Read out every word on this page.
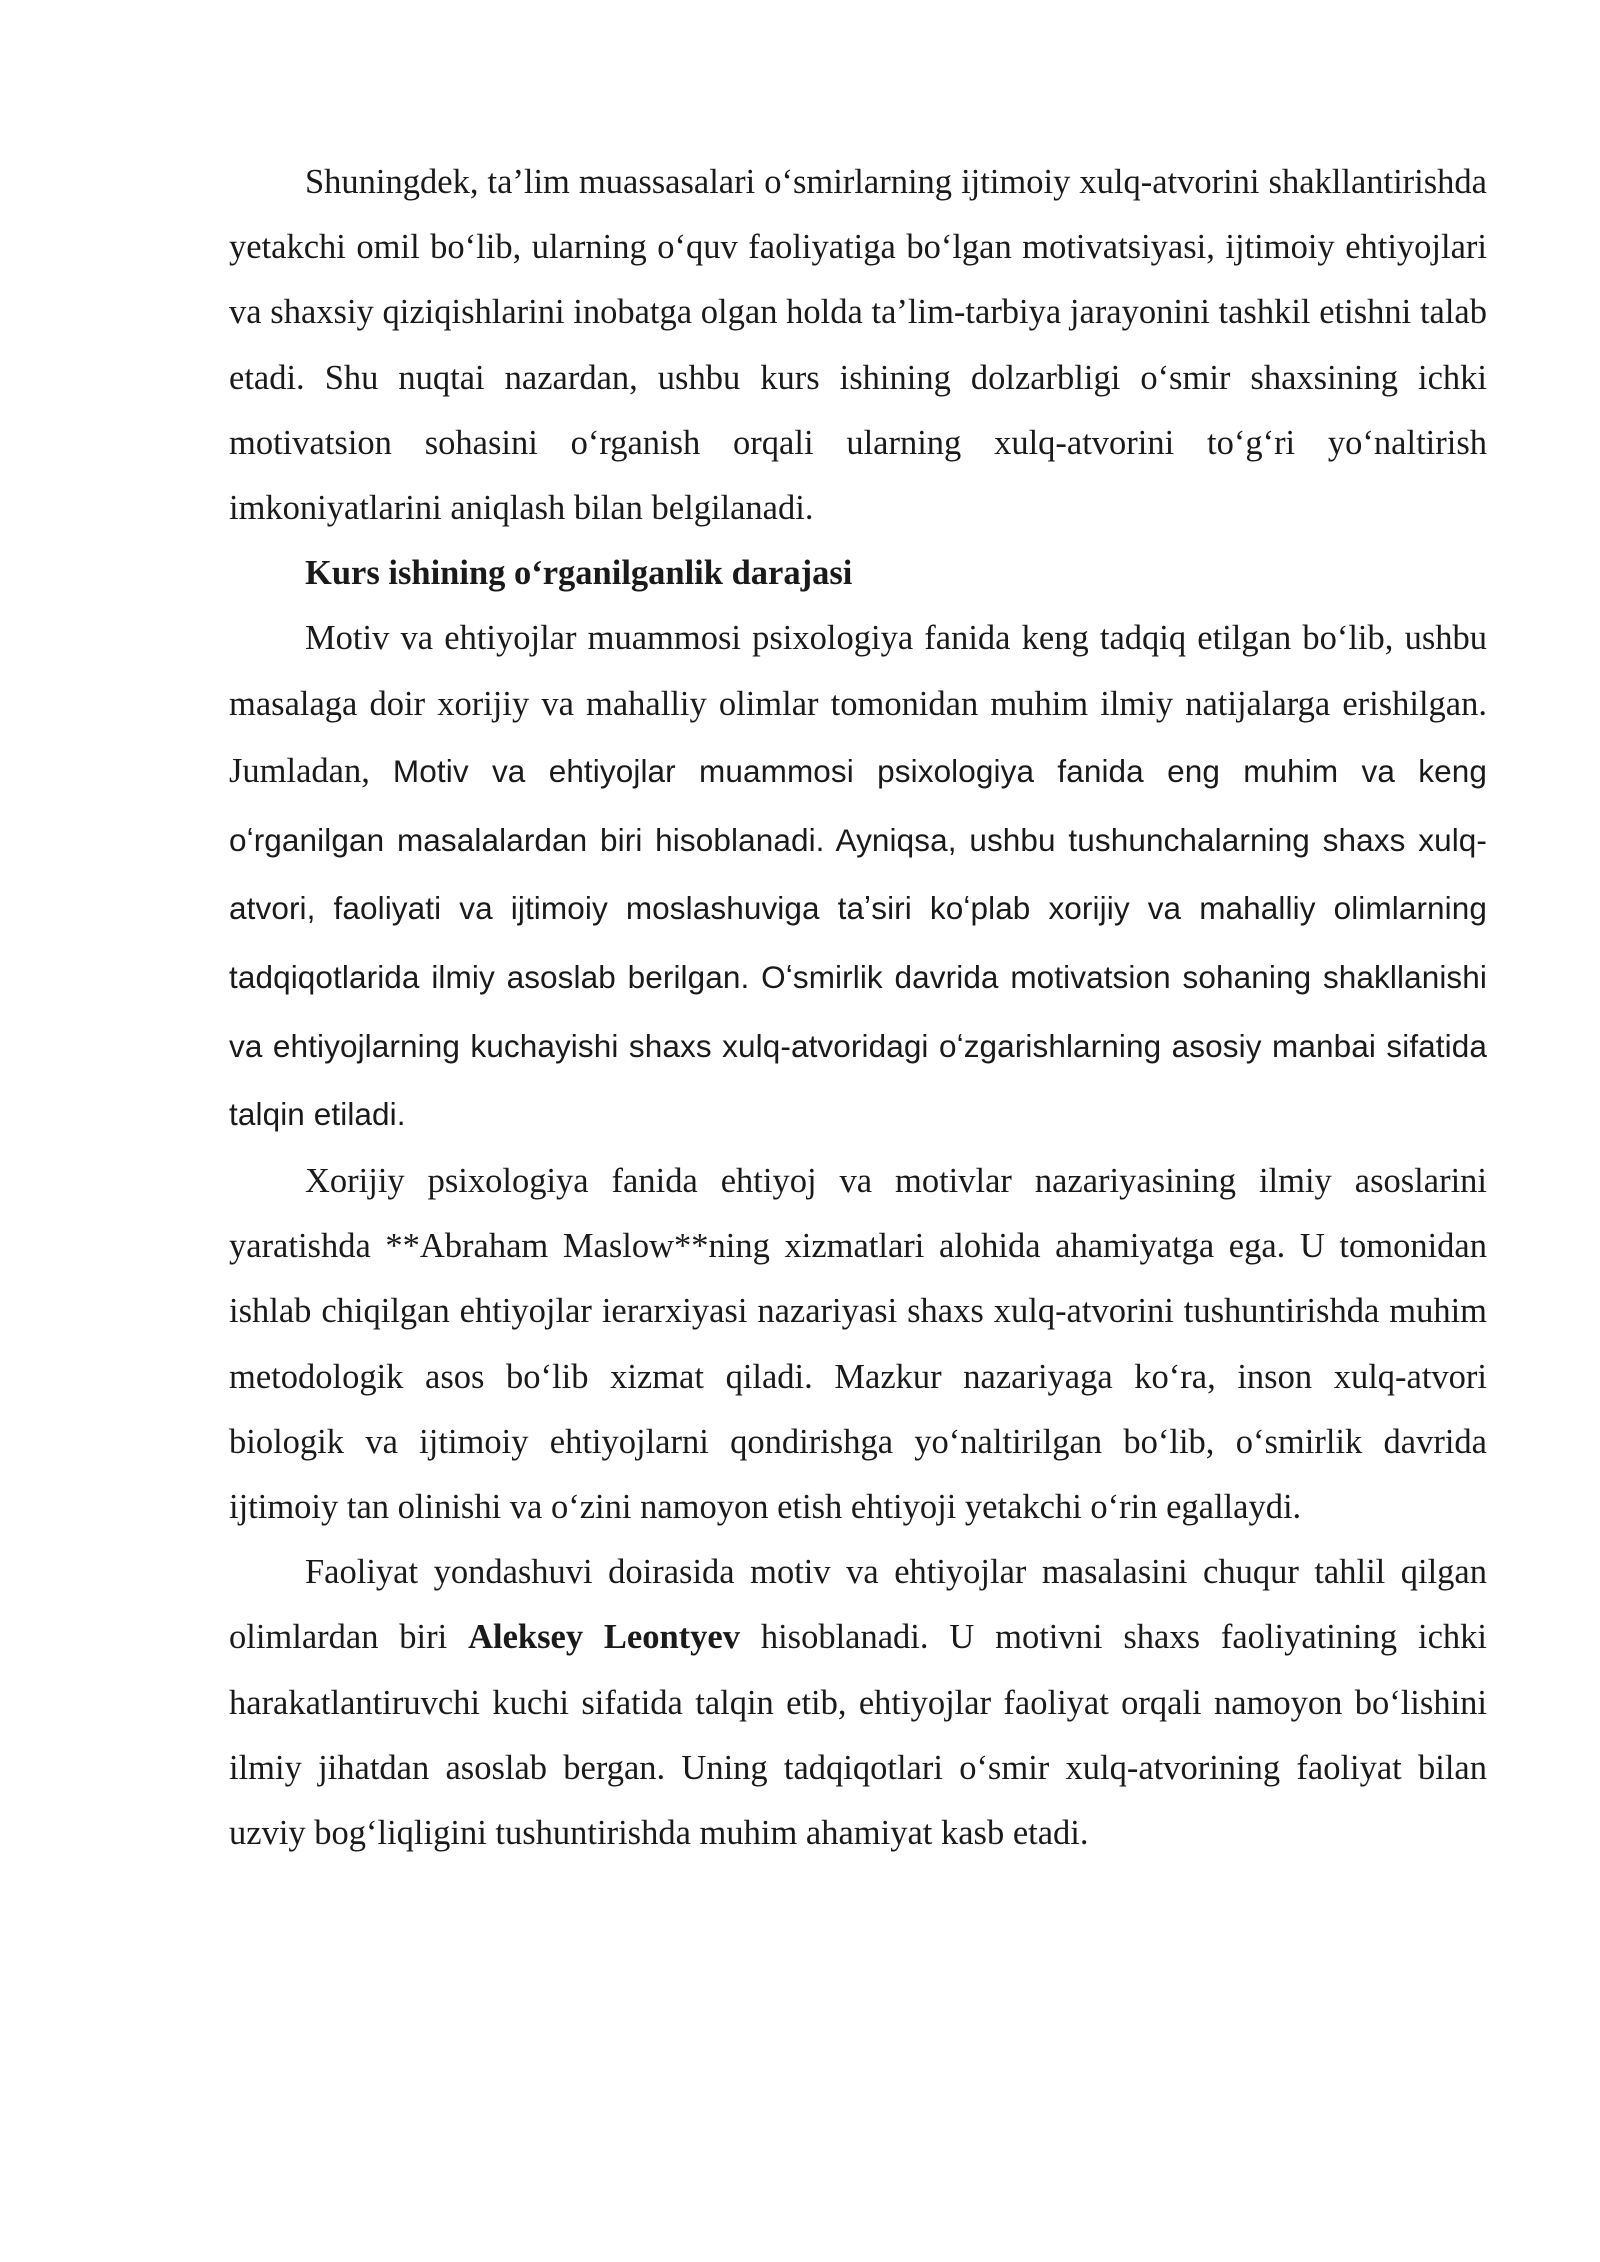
Shuningdek, ta’lim muassasalari o‘smirlarning ijtimoiy xulq-atvorini shakllantirishda yetakchi omil bo‘lib, ularning o‘quv faoliyatiga bo‘lgan motivatsiyasi, ijtimoiy ehtiyojlari va shaxsiy qiziqishlarini inobatga olgan holda ta’lim-tarbiya jarayonini tashkil etishni talab etadi. Shu nuqtai nazardan, ushbu kurs ishining dolzarbligi o‘smir shaxsining ichki motivatsion sohasini o‘rganish orqali ularning xulq-atvorini to‘g‘ri yo‘naltirish imkoniyatlarini aniqlash bilan belgilanadi.

Kurs ishining o‘rganilganlik darajasi

Motiv va ehtiyojlar muammosi psixologiya fanida keng tadqiq etilgan bo‘lib, ushbu masalaga doir xorijiy va mahalliy olimlar tomonidan muhim ilmiy natijalarga erishilgan. Jumladan, Motiv va ehtiyojlar muammosi psixologiya fanida eng muhim va keng oʻrganilgan masalalardan biri hisoblanadi. Ayniqsa, ushbu tushunchalarning shaxs xulq-atvori, faoliyati va ijtimoiy moslashuviga taʼsiri koʻplab xorijiy va mahalliy olimlarning tadqiqotlarida ilmiy asoslab berilgan. Oʻsmirlik davrida motivatsion sohaning shakllanishi va ehtiyojlarning kuchayishi shaxs xulq-atvoridagi oʻzgarishlarning asosiy manbai sifatida talqin etiladi.

Xorijiy psixologiya fanida ehtiyoj va motivlar nazariyasining ilmiy asoslarini yaratishda **Abraham Maslow**ning xizmatlari alohida ahamiyatga ega. U tomonidan ishlab chiqilgan ehtiyojlar ierarxiyasi nazariyasi shaxs xulq-atvorini tushuntirishda muhim metodologik asos bo‘lib xizmat qiladi. Mazkur nazariyaga ko‘ra, inson xulq-atvori biologik va ijtimoiy ehtiyojlarni qondirishga yo‘naltirilgan bo‘lib, o‘smirlik davrida ijtimoiy tan olinishi va o‘zini namoyon etish ehtiyoji yetakchi o‘rin egallaydi.

Faoliyat yondashuvi doirasida motiv va ehtiyojlar masalasini chuqur tahlil qilgan olimlardan biri Aleksey Leontyev hisoblanadi. U motivni shaxs faoliyatining ichki harakatlantiruvchi kuchi sifatida talqin etib, ehtiyojlar faoliyat orqali namoyon bo‘lishini ilmiy jihatdan asoslab bergan. Uning tadqiqotlari o‘smir xulq-atvorining faoliyat bilan uzviy bog‘liqligini tushuntirishda muhim ahamiyat kasb etadi.
